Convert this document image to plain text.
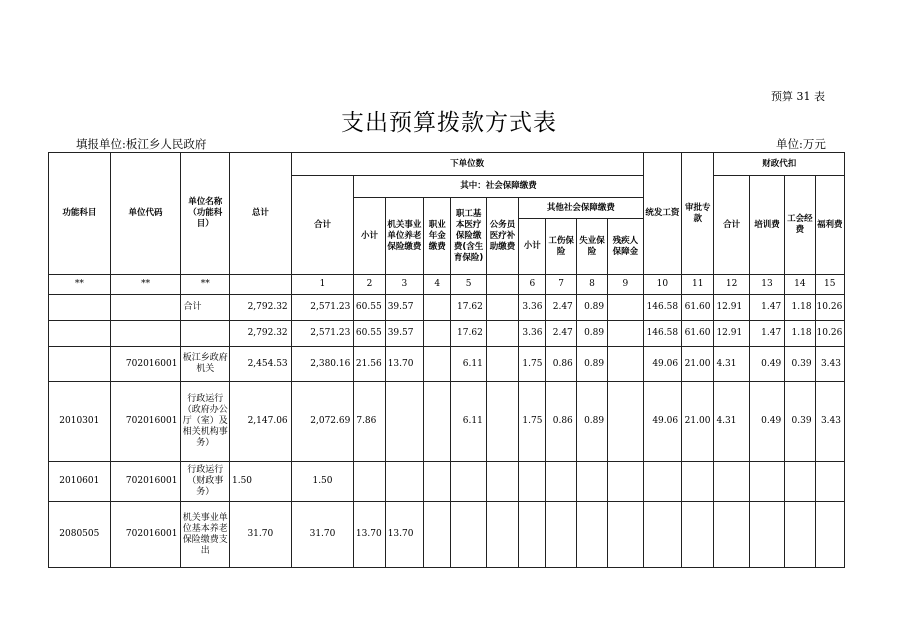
预算 31 表
支出预算拨款方式表
填报单位:板江乡人民政府	单位:万元
功能科目	单位代码	单位名称（功能科目）	总计	下单位数										统发工资	审批专款	财政代扣			
				合计	其中：社会保障缴费											合计	培训费	工会经费	福利费
					小计	机关事业单位养老保险缴费	职业年金缴费	职工基本医疗保险缴费(含生育保险)	公务员医疗补助缴费	其他社会保障缴费									
										小计	工伤保险	失业保险	残疾人保障金						

**	**	**		1	2	3	4	5		6	7	8	9	10	11	12	13	14	15
		合计	2,792.32	2,571.23	60.55	39.57		17.62		3.36	2.47	0.89		146.58	61.60	12.91	1.47	1.18	10.26
			2,792.32	2,571.23	60.55	39.57		17.62		3.36	2.47	0.89		146.58	61.60	12.91	1.47	1.18	10.26
	702016001	板江乡政府机关	2,454.53	2,380.16	21.56	13.70		6.11		1.75	0.86	0.89		49.06	21.00	4.31	0.49	0.39	3.43
2010301	702016001	行政运行（政府办公厅（室）及相关机构事务）	2,147.06	2,072.69	7.86			6.11		1.75	0.86	0.89		49.06	21.00	4.31	0.49	0.39	3.43
2010601	702016001	行政运行（财政事务）	1.50	1.50															
2080505	702016001	机关事业单位基本养老保险缴费支出	31.70	31.70	13.70	13.70													
